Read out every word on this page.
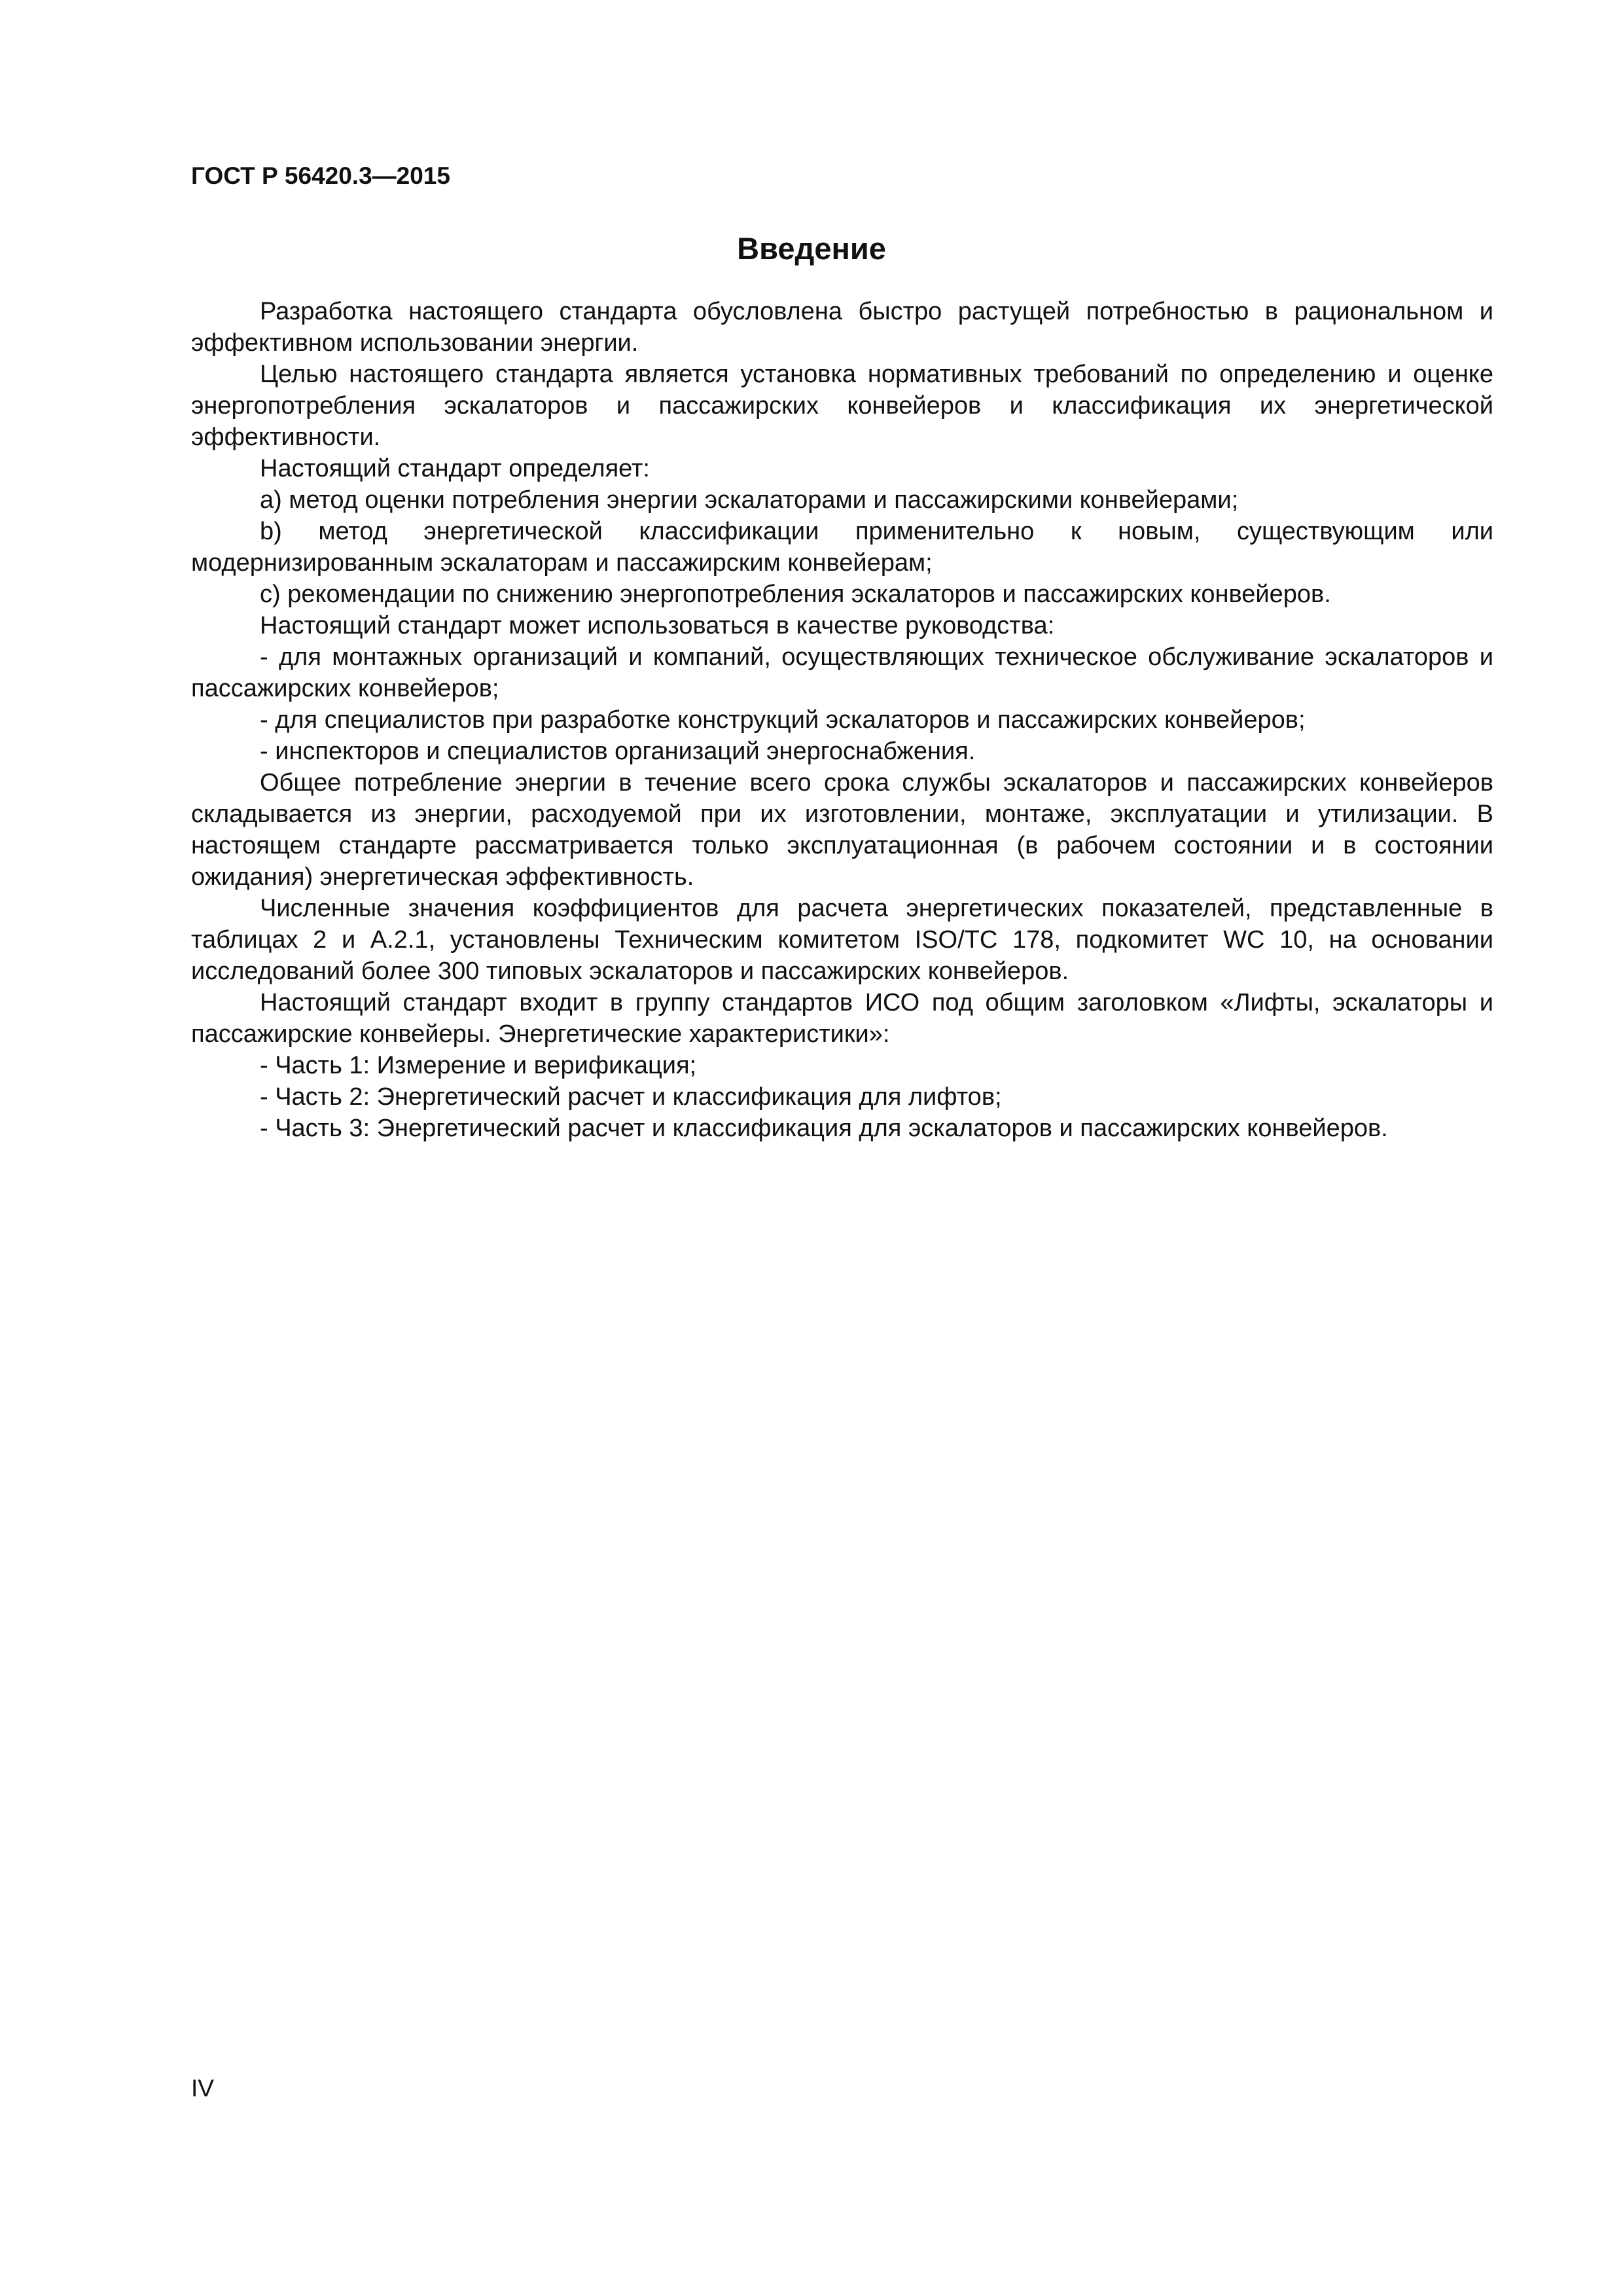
ГОСТ Р 56420.3—2015
Введение

Разработка настоящего стандарта обусловлена быстро растущей потребностью в рациональном и эффективном использовании энергии.

Целью настоящего стандарта является установка нормативных требований по определению и оценке энергопотребления эскалаторов и пассажирских конвейеров и классификация их энергетической эффективности.

Настоящий стандарт определяет:

a) метод оценки потребления энергии эскалаторами и пассажирскими конвейерами;

b) метод энергетической классификации применительно к новым, существующим или модернизированным эскалаторам и пассажирским конвейерам;

c) рекомендации по снижению энергопотребления эскалаторов и пассажирских конвейеров.

Настоящий стандарт может использоваться в качестве руководства:

- для монтажных организаций и компаний, осуществляющих техническое обслуживание эскалаторов и пассажирских конвейеров;

- для специалистов при разработке конструкций эскалаторов и пассажирских конвейеров;

- инспекторов и специалистов организаций энергоснабжения.

Общее потребление энергии в течение всего срока службы эскалаторов и пассажирских конвейеров складывается из энергии, расходуемой при их изготовлении, монтаже, эксплуатации и утилизации. В настоящем стандарте рассматривается только эксплуатационная (в рабочем состоянии и в состоянии ожидания) энергетическая эффективность.

Численные значения коэффициентов для расчета энергетических показателей, представленные в таблицах 2 и А.2.1, установлены Техническим комитетом ISO/TC 178, подкомитет WC 10, на основании исследований более 300 типовых эскалаторов и пассажирских конвейеров.

Настоящий стандарт входит в группу стандартов ИСО под общим заголовком «Лифты, эскалаторы и пассажирские конвейеры. Энергетические характеристики»:

- Часть 1: Измерение и верификация;

- Часть 2: Энергетический расчет и классификация для лифтов;

- Часть 3: Энергетический расчет и классификация для эскалаторов и пассажирских конвейеров.

IV
